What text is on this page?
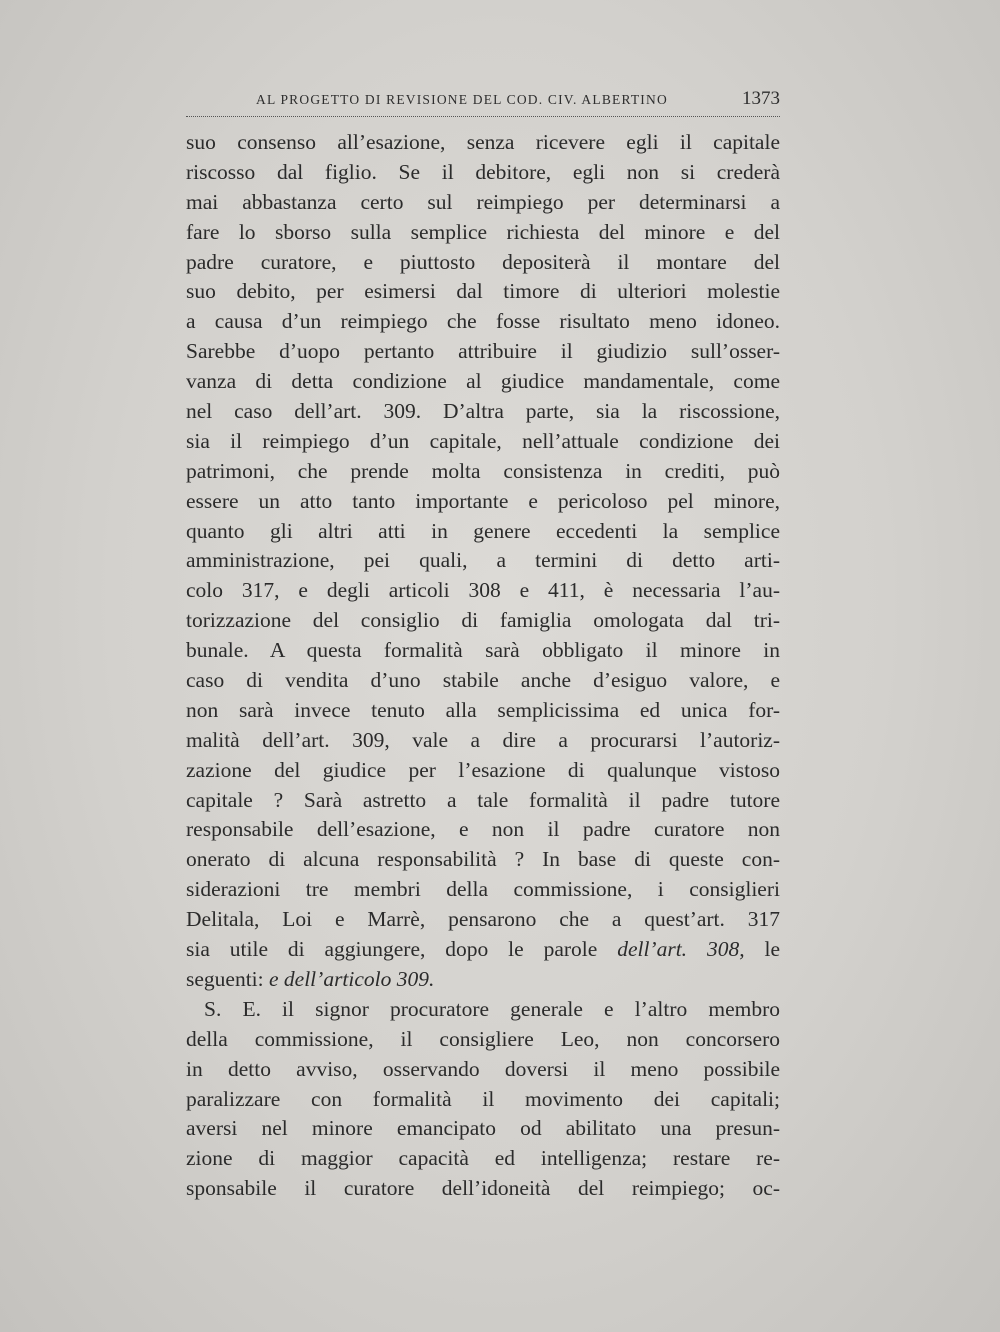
AL PROGETTO DI REVISIONE DEL COD. CIV. ALBERTINO	1373
suo consenso all’esazione, senza ricevere egli il capitale
riscosso dal figlio. Se il debitore, egli non si crederà
mai abbastanza certo sul reimpiego per determinarsi a
fare lo sborso sulla semplice richiesta del minore e del
padre curatore, e piuttosto depositerà il montare del
suo debito, per esimersi dal timore di ulteriori molestie
a causa d’un reimpiego che fosse risultato meno idoneo.
Sarebbe d’uopo pertanto attribuire il giudizio sull’osser-
vanza di detta condizione al giudice mandamentale, come
nel caso dell’art. 309. D’altra parte, sia la riscossione,
sia il reimpiego d’un capitale, nell’attuale condizione dei
patrimoni, che prende molta consistenza in crediti, può
essere un atto tanto importante e pericoloso pel minore,
quanto gli altri atti in genere eccedenti la semplice
amministrazione, pei quali, a termini di detto arti-
colo 317, e degli articoli 308 e 411, è necessaria l’au-
torizzazione del consiglio di famiglia omologata dal tri-
bunale. A questa formalità sarà obbligato il minore in
caso di vendita d’uno stabile anche d’esiguo valore, e
non sarà invece tenuto alla semplicissima ed unica for-
malità dell’art. 309, vale a dire a procurarsi l’autoriz-
zazione del giudice per l’esazione di qualunque vistoso
capitale ? Sarà astretto a tale formalità il padre tutore
responsabile dell’esazione, e non il padre curatore non
onerato di alcuna responsabilità ? In base di queste con-
siderazioni tre membri della commissione, i consiglieri
Delitala, Loi e Marrè, pensarono che a quest’art. 317
sia utile di aggiungere, dopo le parole dell’art. 308, le
seguenti: e dell’articolo 309.
S. E. il signor procuratore generale e l’altro membro
della commissione, il consigliere Leo, non concorsero
in detto avviso, osservando doversi il meno possibile
paralizzare con formalità il movimento dei capitali;
aversi nel minore emancipato od abilitato una presun-
zione di maggior capacità ed intelligenza; restare re-
sponsabile il curatore dell’idoneità del reimpiego; oc-
